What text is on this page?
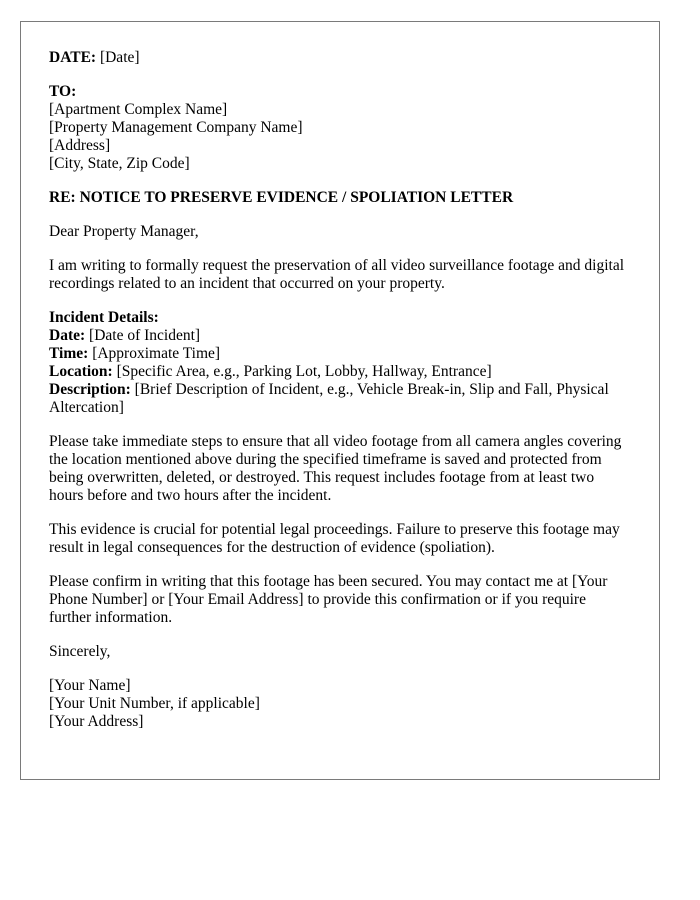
DATE: [Date]
TO:
[Apartment Complex Name]
[Property Management Company Name]
[Address]
[City, State, Zip Code]
RE: NOTICE TO PRESERVE EVIDENCE / SPOLIATION LETTER
Dear Property Manager,
I am writing to formally request the preservation of all video surveillance footage and digital recordings related to an incident that occurred on your property.
Incident Details:
Date: [Date of Incident]
Time: [Approximate Time]
Location: [Specific Area, e.g., Parking Lot, Lobby, Hallway, Entrance]
Description: [Brief Description of Incident, e.g., Vehicle Break-in, Slip and Fall, Physical Altercation]
Please take immediate steps to ensure that all video footage from all camera angles covering the location mentioned above during the specified timeframe is saved and protected from being overwritten, deleted, or destroyed. This request includes footage from at least two hours before and two hours after the incident.
This evidence is crucial for potential legal proceedings. Failure to preserve this footage may result in legal consequences for the destruction of evidence (spoliation).
Please confirm in writing that this footage has been secured. You may contact me at [Your Phone Number] or [Your Email Address] to provide this confirmation or if you require further information.
Sincerely,
[Your Name]
[Your Unit Number, if applicable]
[Your Address]
